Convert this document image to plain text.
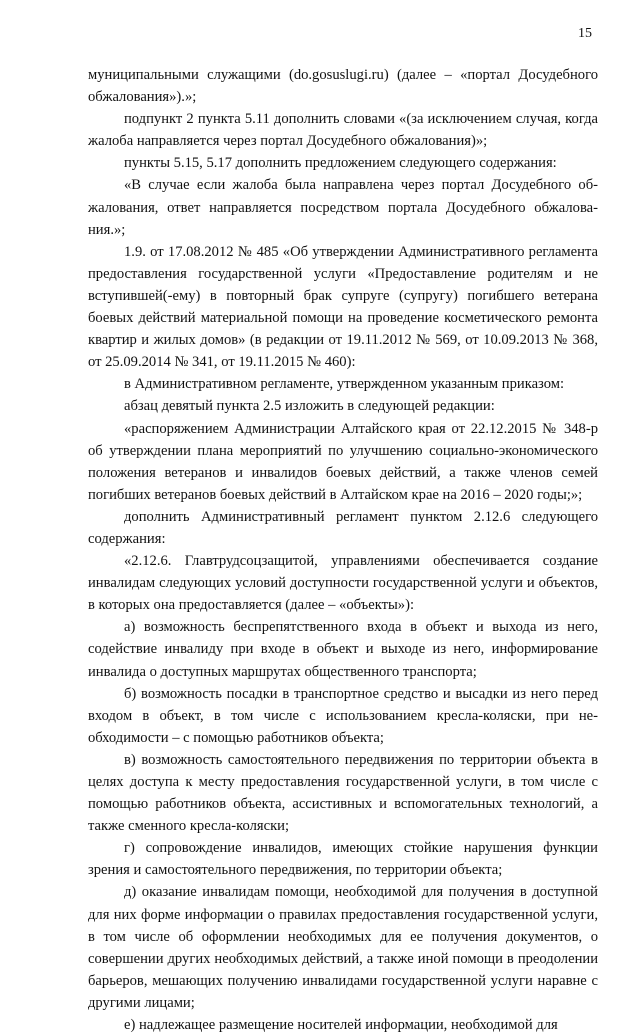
15

муниципальными служащими (do.gosuslugi.ru) (далее – «портал Досудебного обжалования»).»;

подпункт 2 пункта 5.11 дополнить словами «(за исключением случая, когда жалоба направляется через портал Досудебного обжалования)»;

пункты 5.15, 5.17 дополнить предложением следующего содержания:

«В случае если жалоба была направлена через портал Досудебного обжалования, ответ направляется посредством портала Досудебного обжалования.»;

1.9. от 17.08.2012 № 485 «Об утверждении Административного регламента предоставления государственной услуги «Предоставление родителям и не вступившей(-ему) в повторный брак супруге (супругу) погибшего ветерана боевых действий материальной помощи на проведение косметического ремонта квартир и жилых домов» (в редакции от 19.11.2012 № 569, от 10.09.2013 № 368, от 25.09.2014 № 341, от 19.11.2015 № 460):

в Административном регламенте, утвержденном указанным приказом:

абзац девятый пункта 2.5 изложить в следующей редакции:

«распоряжением Администрации Алтайского края от 22.12.2015 № 348-р об утверждении плана мероприятий по улучшению социально-экономического положения ветеранов и инвалидов боевых действий, а также членов семей погибших ветеранов боевых действий в Алтайском крае на 2016 – 2020 годы;»;

дополнить Административный регламент пунктом 2.12.6 следующего содержания:

«2.12.6. Главтрудсоцзащитой, управлениями обеспечивается создание инвалидам следующих условий доступности государственной услуги и объектов, в которых она предоставляется (далее – «объекты»):

а) возможность беспрепятственного входа в объект и выхода из него, содействие инвалиду при входе в объект и выходе из него, информирование инвалида о доступных маршрутах общественного транспорта;

б) возможность посадки в транспортное средство и высадки из него перед входом в объект, в том числе с использованием кресла-коляски, при необходимости – с помощью работников объекта;

в) возможность самостоятельного передвижения по территории объекта в целях доступа к месту предоставления государственной услуги, в том числе с помощью работников объекта, ассистивных и вспомогательных технологий, а также сменного кресла-коляски;

г) сопровождение инвалидов, имеющих стойкие нарушения функции зрения и самостоятельного передвижения, по территории объекта;

д) оказание инвалидам помощи, необходимой для получения в доступной для них форме информации о правилах предоставления государственной услуги, в том числе об оформлении необходимых для ее получения документов, о совершении других необходимых действий, а также иной помощи в преодолении барьеров, мешающих получению инвалидами государственной услуги наравне с другими лицами;

е) надлежащее размещение носителей информации, необходимой для
